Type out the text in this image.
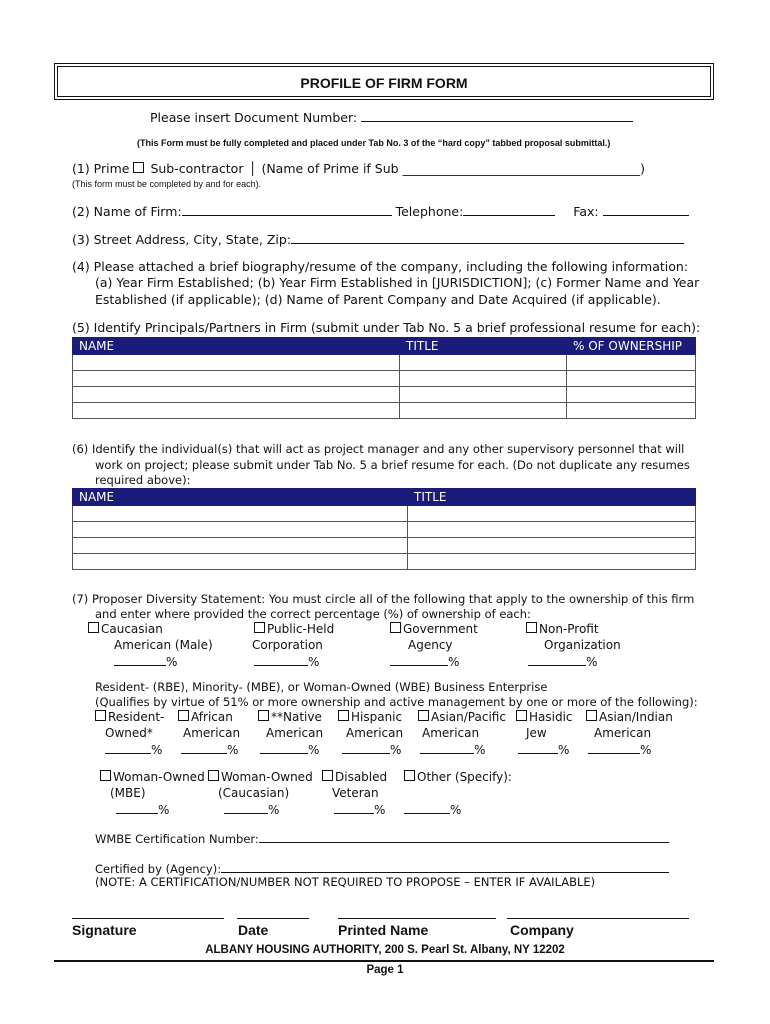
PROFILE OF FIRM FORM
Please insert Document Number:
(This Form must be fully completed and placed under Tab No. 3 of the “hard copy” tabbed proposal submittal.)
(1) Prime Sub-contractor │ (Name of Prime if Sub ______________________________________)
(This form must be completed by and for each).
(2) Name of Firm:	Telephone:	Fax:
(3) Street Address, City, State, Zip:
(4) Please attached a brief biography/resume of the company, including the following information:
(a) Year Firm Established; (b) Year Firm Established in [JURISDICTION]; (c) Former Name and Year
Established (if applicable); (d) Name of Parent Company and Date Acquired (if applicable).
(5) Identify Principals/Partners in Firm (submit under Tab No. 5 a brief professional resume for each):
NAME	TITLE	% OF OWNERSHIP

(6) Identify the individual(s) that will act as project manager and any other supervisory personnel that will
work on project; please submit under Tab No. 5 a brief resume for each. (Do not duplicate any resumes
required above):
NAME	TITLE

(7) Proposer Diversity Statement: You must circle all of the following that apply to the ownership of this firm
and enter where provided the correct percentage (%) of ownership of each:
Caucasian
American (Male)
%
Public-Held
Corporation
%
Government
Agency
%
Non-Profit
Organization
%
Resident- (RBE), Minority- (MBE), or Woman-Owned (WBE) Business Enterprise
(Qualifies by virtue of 51% or more ownership and active management by one or more of the following):
Resident-
Owned*
%
African
American
%
**Native
American
%
Hispanic
American
%
Asian/Pacific
American
%
Hasidic
Jew
%
Asian/Indian
American
%
Woman-Owned
(MBE)
%
Woman-Owned
(Caucasian)
%
Disabled
Veteran
%
Other (Specify):

%
WMBE Certification Number:
Certified by (Agency):
(NOTE: A CERTIFICATION/NUMBER NOT REQUIRED TO PROPOSE – ENTER IF AVAILABLE)
Signature	Date	Printed Name	Company
ALBANY HOUSING AUTHORITY, 200 S. Pearl St. Albany, NY 12202
Page 1
